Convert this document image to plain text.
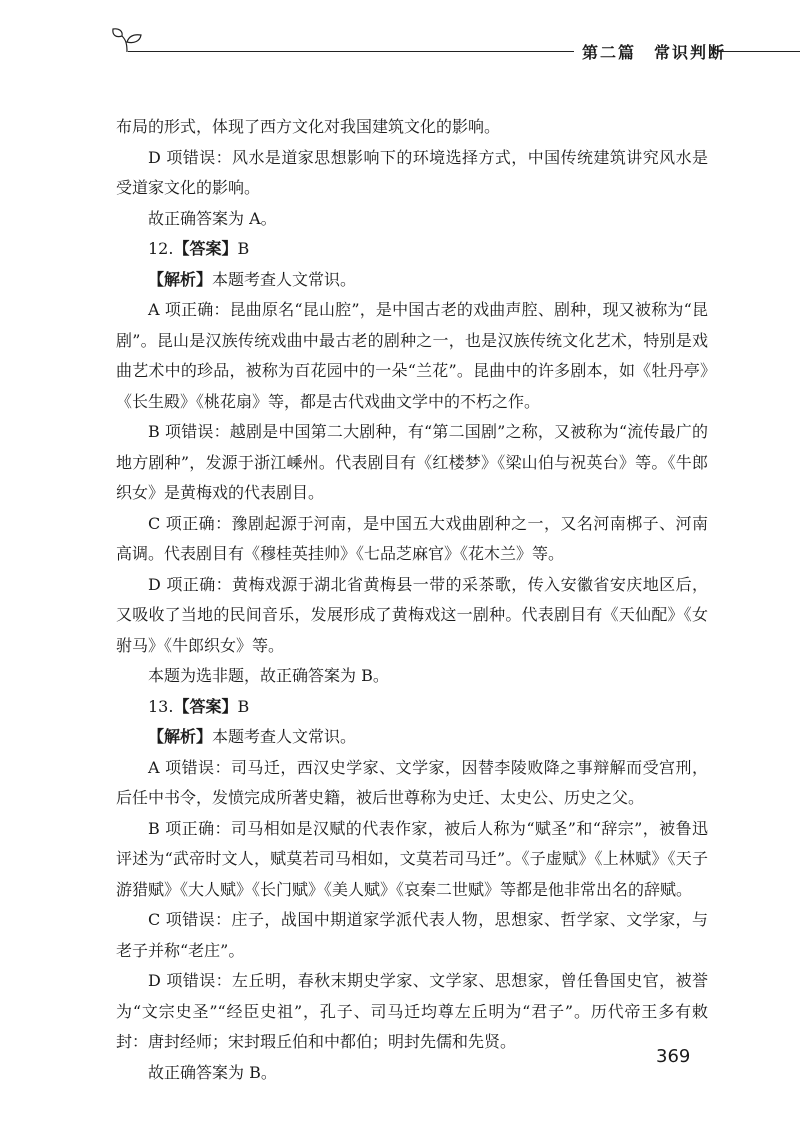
第二篇　常识判断

布局的形式，体现了西方文化对我国建筑文化的影响。

D 项错误：风水是道家思想影响下的环境选择方式，中国传统建筑讲究风水是受道家文化的影响。

故正确答案为 A。

12.【答案】B

【解析】本题考查人文常识。

A 项正确：昆曲原名“昆山腔”，是中国古老的戏曲声腔、剧种，现又被称为“昆剧”。昆山是汉族传统戏曲中最古老的剧种之一，也是汉族传统文化艺术，特别是戏曲艺术中的珍品，被称为百花园中的一朵“兰花”。昆曲中的许多剧本，如《牡丹亭》《长生殿》《桃花扇》等，都是古代戏曲文学中的不朽之作。

B 项错误：越剧是中国第二大剧种，有“第二国剧”之称，又被称为“流传最广的地方剧种”，发源于浙江嵊州。代表剧目有《红楼梦》《梁山伯与祝英台》等。《牛郎织女》是黄梅戏的代表剧目。

C 项正确：豫剧起源于河南，是中国五大戏曲剧种之一，又名河南梆子、河南高调。代表剧目有《穆桂英挂帅》《七品芝麻官》《花木兰》等。

D 项正确：黄梅戏源于湖北省黄梅县一带的采茶歌，传入安徽省安庆地区后，又吸收了当地的民间音乐，发展形成了黄梅戏这一剧种。代表剧目有《天仙配》《女驸马》《牛郎织女》等。

本题为选非题，故正确答案为 B。

13.【答案】B

【解析】本题考查人文常识。

A 项错误：司马迁，西汉史学家、文学家，因替李陵败降之事辩解而受宫刑，后任中书令，发愤完成所著史籍，被后世尊称为史迁、太史公、历史之父。

B 项正确：司马相如是汉赋的代表作家，被后人称为“赋圣”和“辞宗”，被鲁迅评述为“武帝时文人，赋莫若司马相如，文莫若司马迁”。《子虚赋》《上林赋》《天子游猎赋》《大人赋》《长门赋》《美人赋》《哀秦二世赋》等都是他非常出名的辞赋。

C 项错误：庄子，战国中期道家学派代表人物，思想家、哲学家、文学家，与老子并称“老庄”。

D 项错误：左丘明，春秋末期史学家、文学家、思想家，曾任鲁国史官，被誉为“文宗史圣”“经臣史祖”，孔子、司马迁均尊左丘明为“君子”。历代帝王多有敕封：唐封经师；宋封瑕丘伯和中都伯；明封先儒和先贤。

故正确答案为 B。

369
